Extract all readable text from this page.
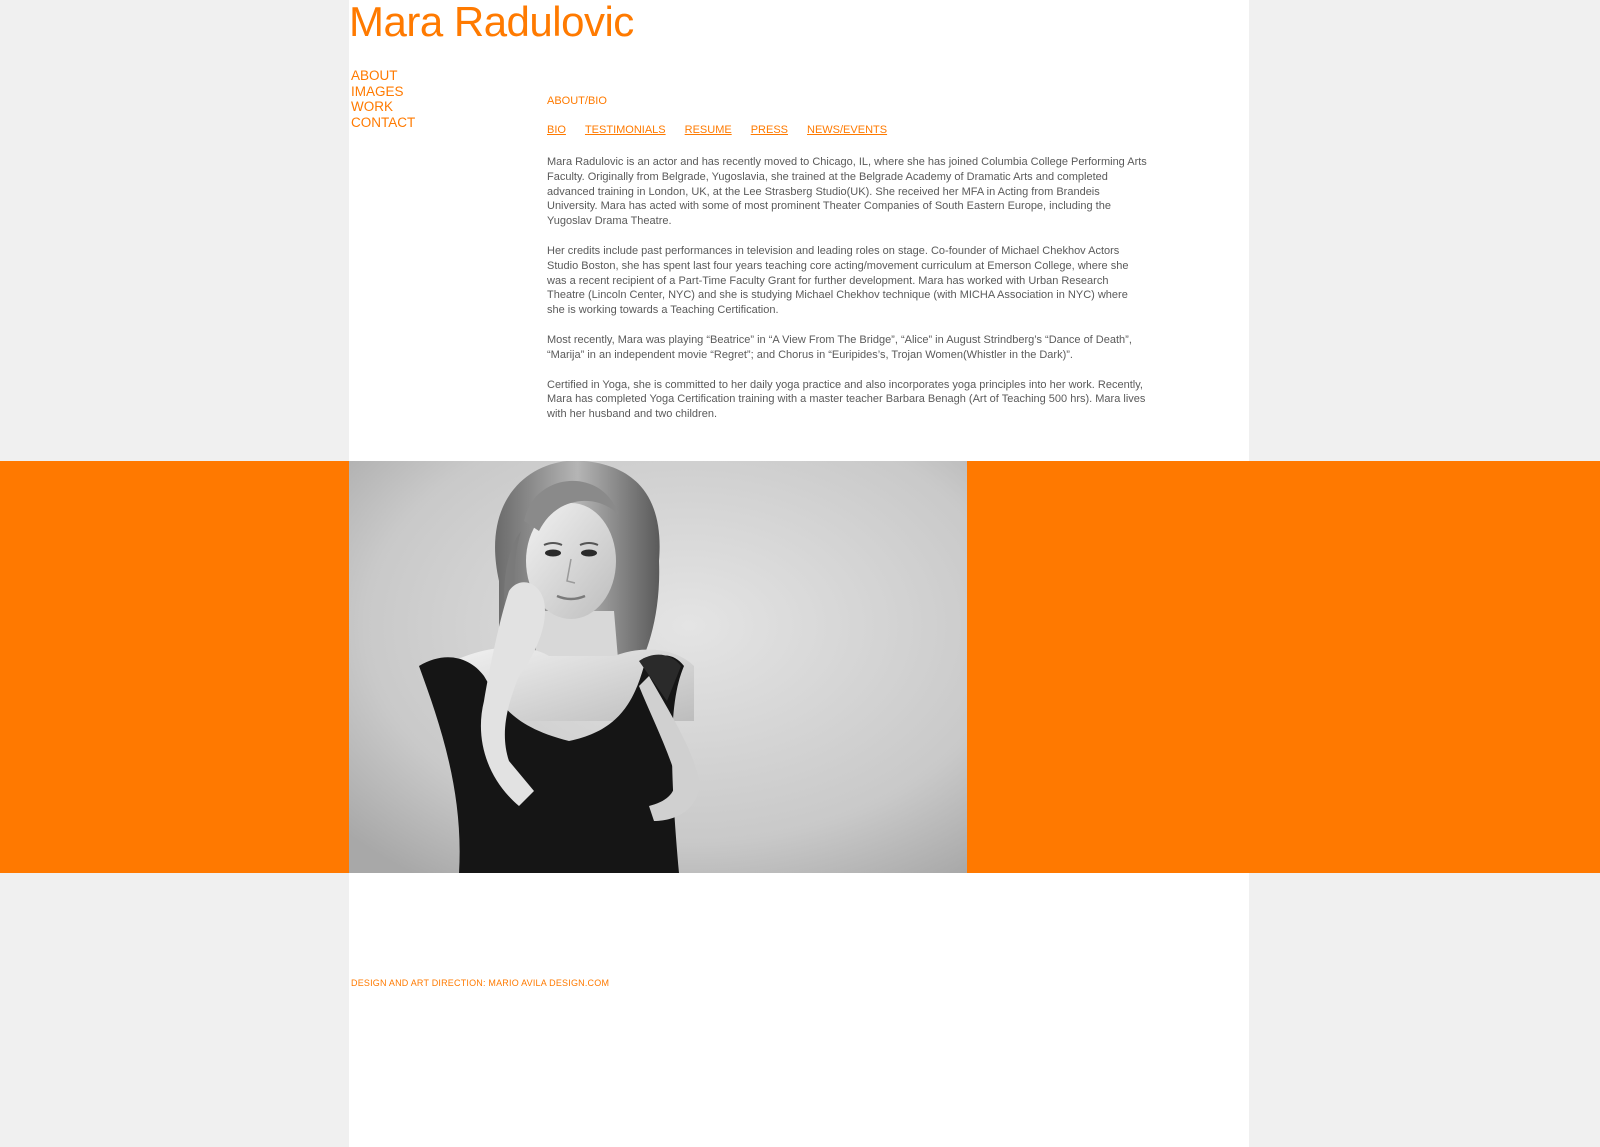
Mara Radulovic
ABOUT
IMAGES
WORK
CONTACT
ABOUT/BIO
BIO TESTIMONIALS RESUME PRESS NEWS/EVENTS

Mara Radulovic is an actor and has recently moved to Chicago, IL, where she has joined Columbia College Performing Arts Faculty. Originally from Belgrade, Yugoslavia, she trained at the Belgrade Academy of Dramatic Arts and completed advanced training in London, UK, at the Lee Strasberg Studio(UK). She received her MFA in Acting from Brandeis University. Mara has acted with some of most prominent Theater Companies of South Eastern Europe, including the Yugoslav Drama Theatre.

Her credits include past performances in television and leading roles on stage. Co-founder of Michael Chekhov Actors Studio Boston, she has spent last four years teaching core acting/movement curriculum at Emerson College, where she was a recent recipient of a Part-Time Faculty Grant for further development. Mara has worked with Urban Research Theatre (Lincoln Center, NYC) and she is studying Michael Chekhov technique (with MICHA Association in NYC) where she is working towards a Teaching Certification.

Most recently, Mara was playing “Beatrice” in “A View From The Bridge”, “Alice” in August Strindberg’s “Dance of Death”, “Marija” in an independent movie “Regret”; and Chorus in “Euripides’s, Trojan Women(Whistler in the Dark)”.

Certified in Yoga, she is committed to her daily yoga practice and also incorporates yoga principles into her work. Recently, Mara has completed Yoga Certification training with a master teacher Barbara Benagh (Art of Teaching 500 hrs). Mara lives with her husband and two children.

DESIGN AND ART DIRECTION: MARIO AVILA DESIGN.COM
